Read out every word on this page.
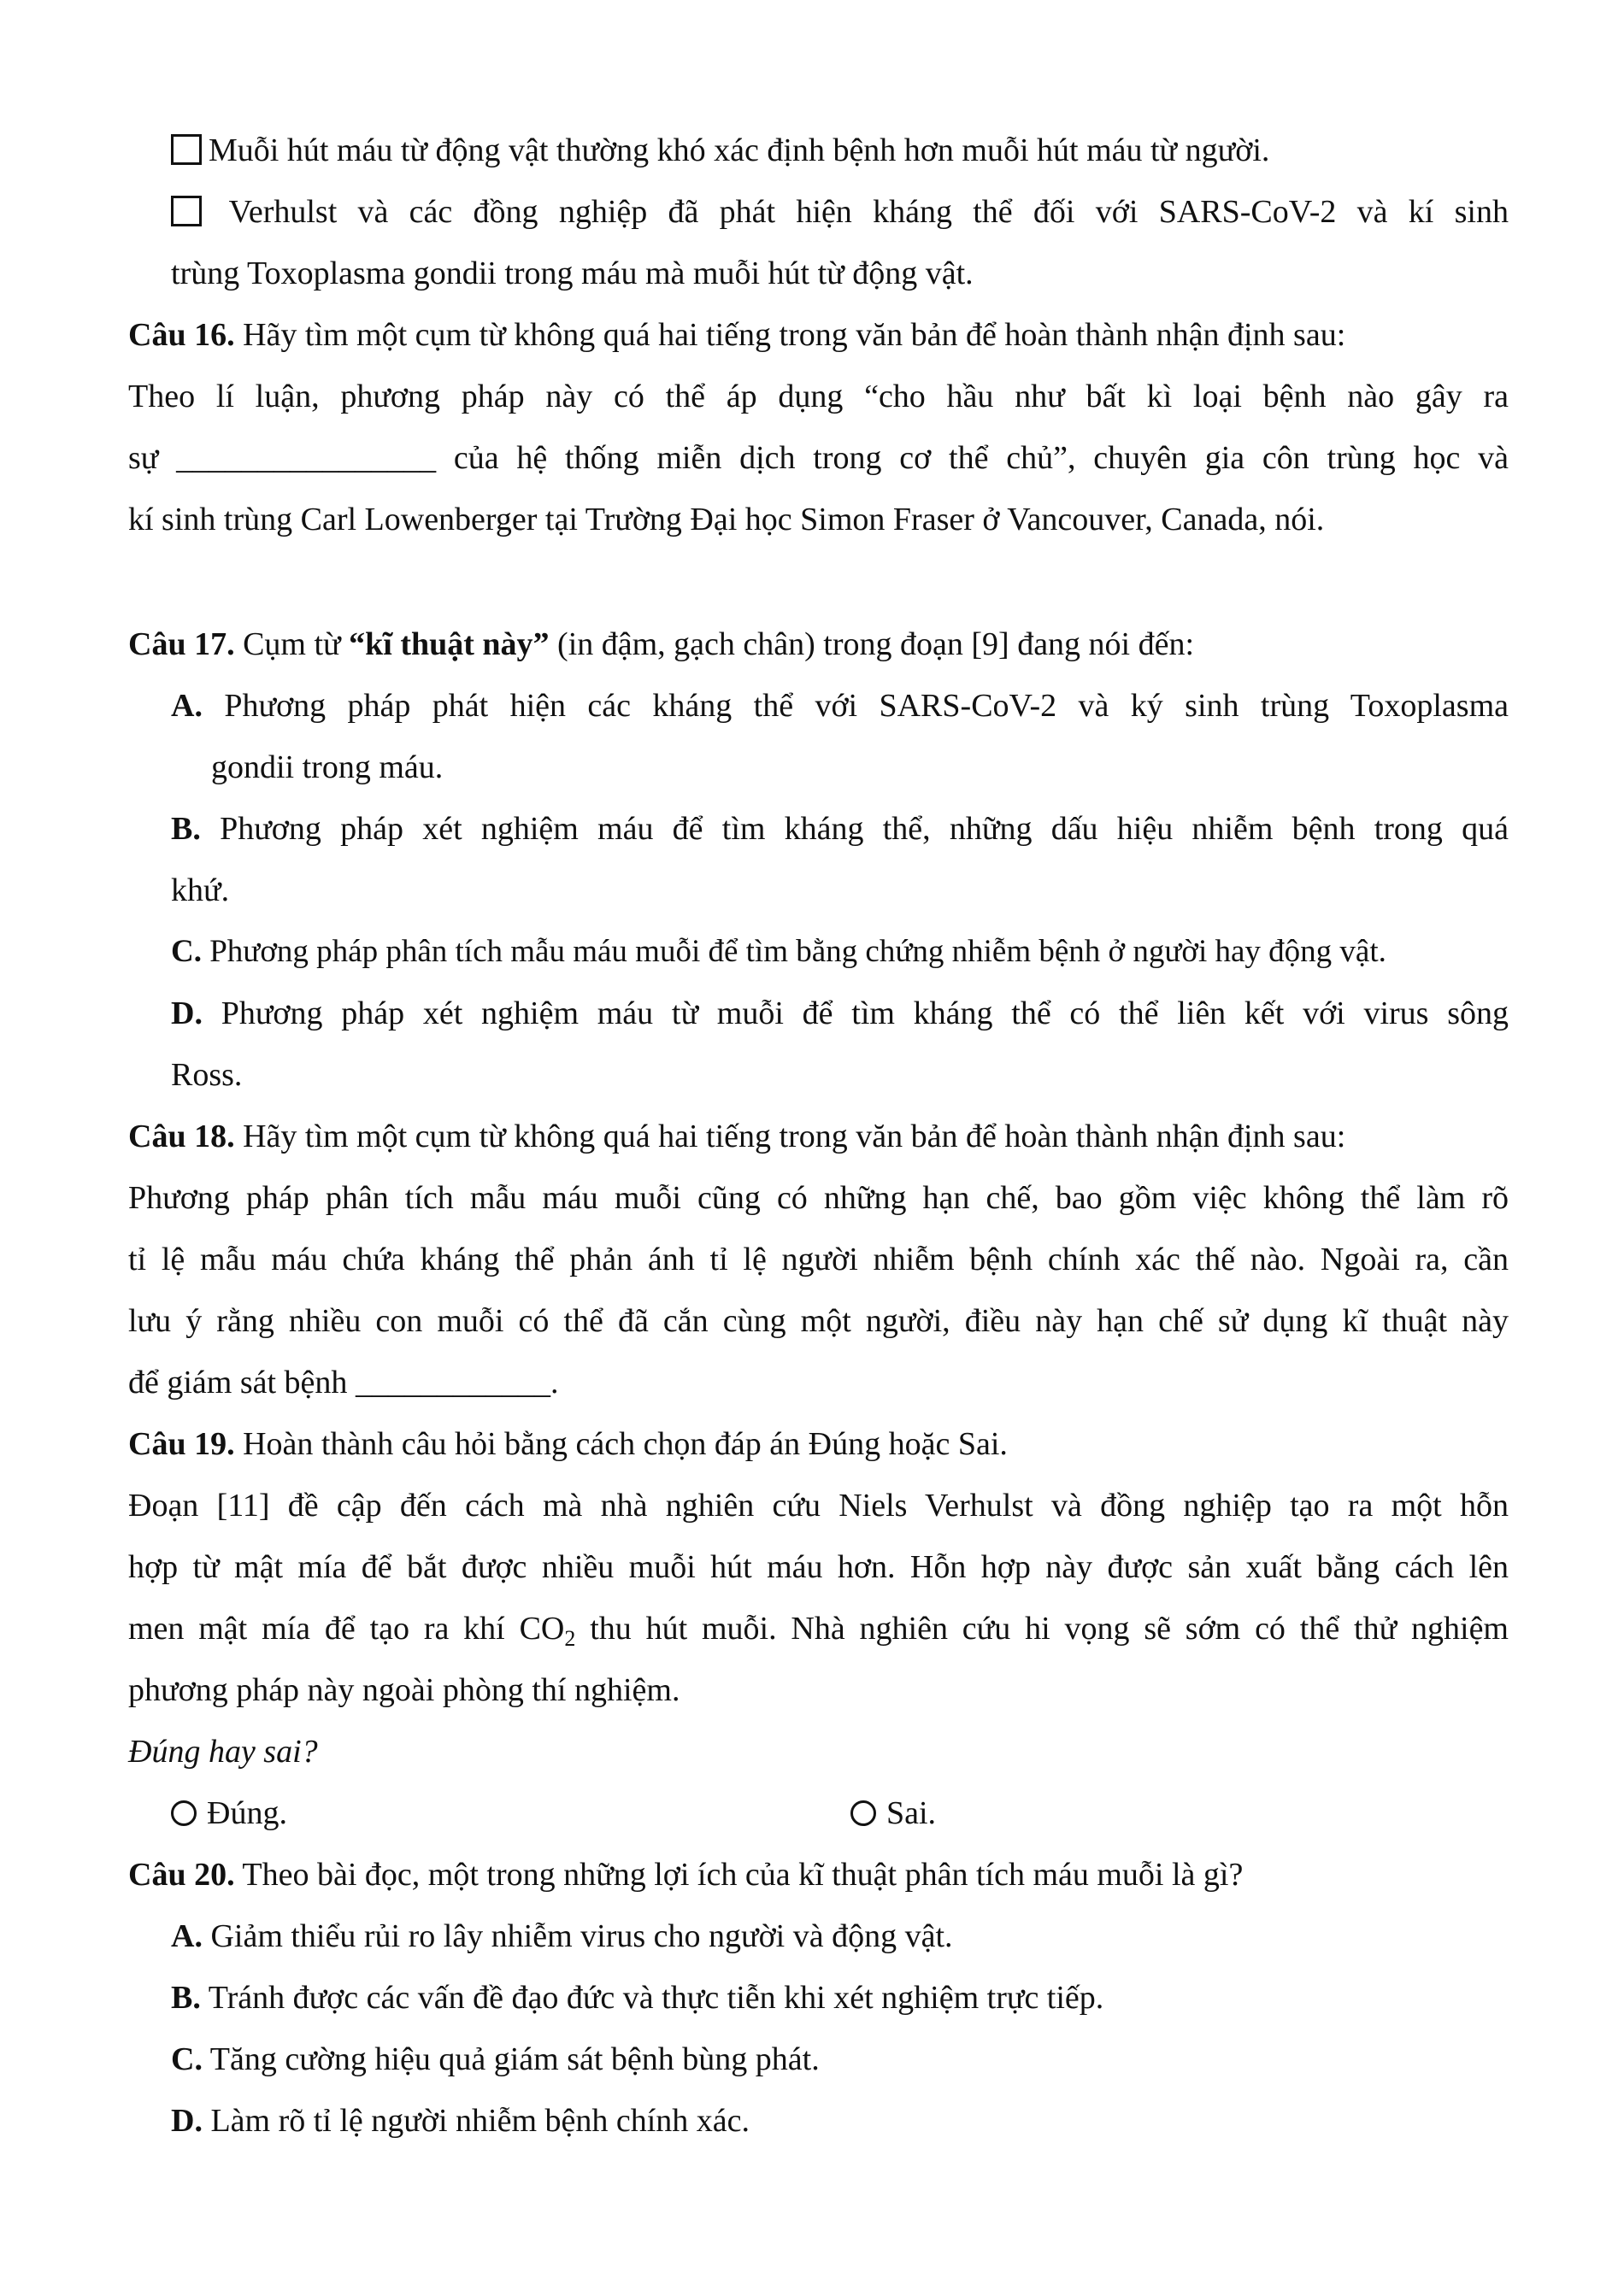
Muỗi hút máu từ động vật thường khó xác định bệnh hơn muỗi hút máu từ người.
Verhulst và các đồng nghiệp đã phát hiện kháng thể đối với SARS-CoV-2 và kí sinh
trùng Toxoplasma gondii trong máu mà muỗi hút từ động vật.
Câu 16. Hãy tìm một cụm từ không quá hai tiếng trong văn bản để hoàn thành nhận định sau:
Theo lí luận, phương pháp này có thể áp dụng “cho hầu như bất kì loại bệnh nào gây ra
sự ________________ của hệ thống miễn dịch trong cơ thể chủ”, chuyên gia côn trùng học và
kí sinh trùng Carl Lowenberger tại Trường Đại học Simon Fraser ở Vancouver, Canada, nói.
Câu 17. Cụm từ “kĩ thuật này” (in đậm, gạch chân) trong đoạn [9] đang nói đến:
A. Phương pháp phát hiện các kháng thể với SARS-CoV-2 và ký sinh trùng Toxoplasma
gondii trong máu.
B. Phương pháp xét nghiệm máu để tìm kháng thể, những dấu hiệu nhiễm bệnh trong quá
khứ.
C. Phương pháp phân tích mẫu máu muỗi để tìm bằng chứng nhiễm bệnh ở người hay động vật.
D. Phương pháp xét nghiệm máu từ muỗi để tìm kháng thể có thể liên kết với virus sông
Ross.
Câu 18. Hãy tìm một cụm từ không quá hai tiếng trong văn bản để hoàn thành nhận định sau:
Phương pháp phân tích mẫu máu muỗi cũng có những hạn chế, bao gồm việc không thể làm rõ
tỉ lệ mẫu máu chứa kháng thể phản ánh tỉ lệ người nhiễm bệnh chính xác thế nào. Ngoài ra, cần
lưu ý rằng nhiều con muỗi có thể đã cắn cùng một người, điều này hạn chế sử dụng kĩ thuật này
để giám sát bệnh ____________.
Câu 19. Hoàn thành câu hỏi bằng cách chọn đáp án Đúng hoặc Sai.
Đoạn [11] đề cập đến cách mà nhà nghiên cứu Niels Verhulst và đồng nghiệp tạo ra một hỗn
hợp từ mật mía để bắt được nhiều muỗi hút máu hơn. Hỗn hợp này được sản xuất bằng cách lên
men mật mía để tạo ra khí $CO_2$ thu hút muỗi. Nhà nghiên cứu hi vọng sẽ sớm có thể thử nghiệm
phương pháp này ngoài phòng thí nghiệm.
Đúng hay sai?
Đúng.	Sai.
Câu 20. Theo bài đọc, một trong những lợi ích của kĩ thuật phân tích máu muỗi là gì?
A. Giảm thiểu rủi ro lây nhiễm virus cho người và động vật.
B. Tránh được các vấn đề đạo đức và thực tiễn khi xét nghiệm trực tiếp.
C. Tăng cường hiệu quả giám sát bệnh bùng phát.
D. Làm rõ tỉ lệ người nhiễm bệnh chính xác.
